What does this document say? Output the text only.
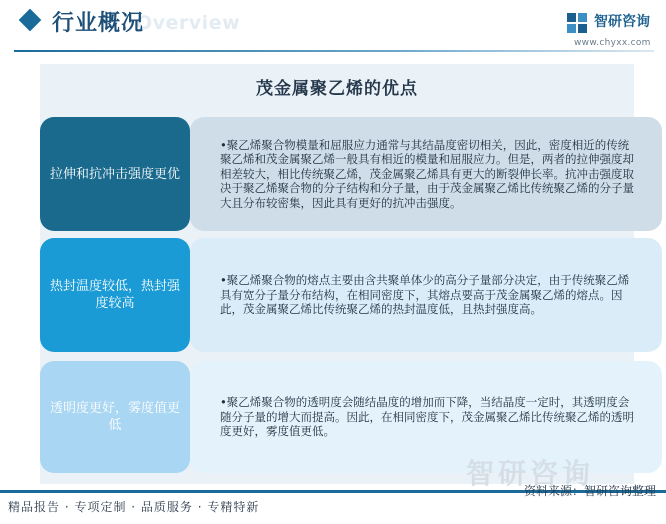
Overview
行业概况	智研咨询
www.chyxx.com
茂金属聚乙烯的优点
拉伸和抗冲击强度更优
•聚乙烯聚合物模量和屈服应力通常与其结晶度密切相关，因此，密度相近的传统聚乙烯和茂金属聚乙烯一般具有相近的模量和屈服应力。但是，两者的拉伸强度却相差较大，相比传统聚乙烯，茂金属聚乙烯具有更大的断裂伸长率。抗冲击强度取决于聚乙烯聚合物的分子结构和分子量，由于茂金属聚乙烯比传统聚乙烯的分子量大且分布较密集，因此具有更好的抗冲击强度。
热封温度较低，热封强度较高
•聚乙烯聚合物的熔点主要由含共聚单体少的高分子量部分决定，由于传统聚乙烯具有宽分子量分布结构，在相同密度下，其熔点要高于茂金属聚乙烯的熔点。因此，茂金属聚乙烯比传统聚乙烯的热封温度低，且热封强度高。
透明度更好，雾度值更低
•聚乙烯聚合物的透明度会随结晶度的增加而下降，当结晶度一定时，其透明度会随分子量的增大而提高。因此，在相同密度下，茂金属聚乙烯比传统聚乙烯的透明度更好，雾度值更低。
智研咨询
精品报告 · 专项定制 · 品质服务 · 专精特新
资料来源：智研咨询整理
